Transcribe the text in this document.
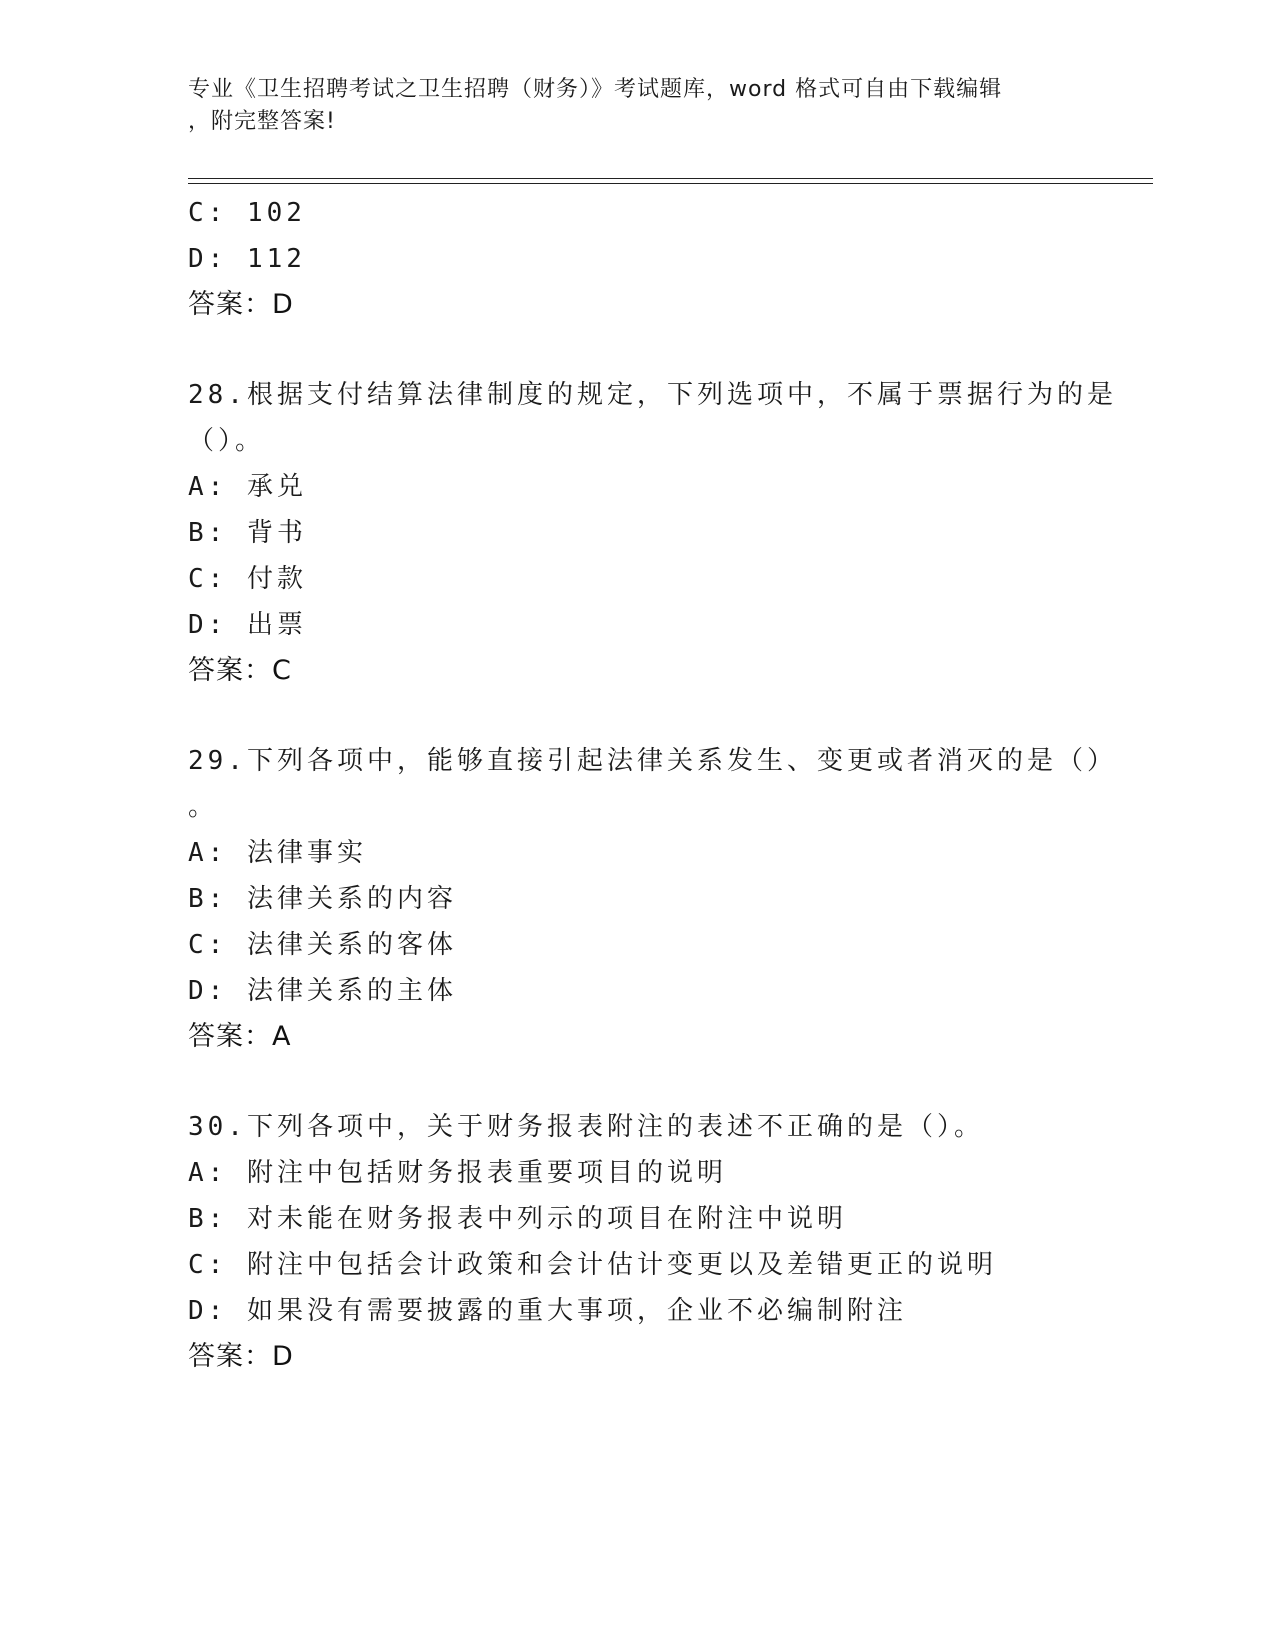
专业《卫生招聘考试之卫生招聘（财务）》考试题库，word 格式可自由下载编辑
，附完整答案!
C: 102
D: 112
答案：D
28.根据支付结算法律制度的规定，下列选项中，不属于票据行为的是
（）。
A: 承兑
B: 背书
C: 付款
D: 出票
答案：C
29.下列各项中，能够直接引起法律关系发生、变更或者消灭的是（）
。
A: 法律事实
B: 法律关系的内容
C: 法律关系的客体
D: 法律关系的主体
答案：A
30.下列各项中，关于财务报表附注的表述不正确的是（）。
A: 附注中包括财务报表重要项目的说明
B: 对未能在财务报表中列示的项目在附注中说明
C: 附注中包括会计政策和会计估计变更以及差错更正的说明
D: 如果没有需要披露的重大事项，企业不必编制附注
答案：D
